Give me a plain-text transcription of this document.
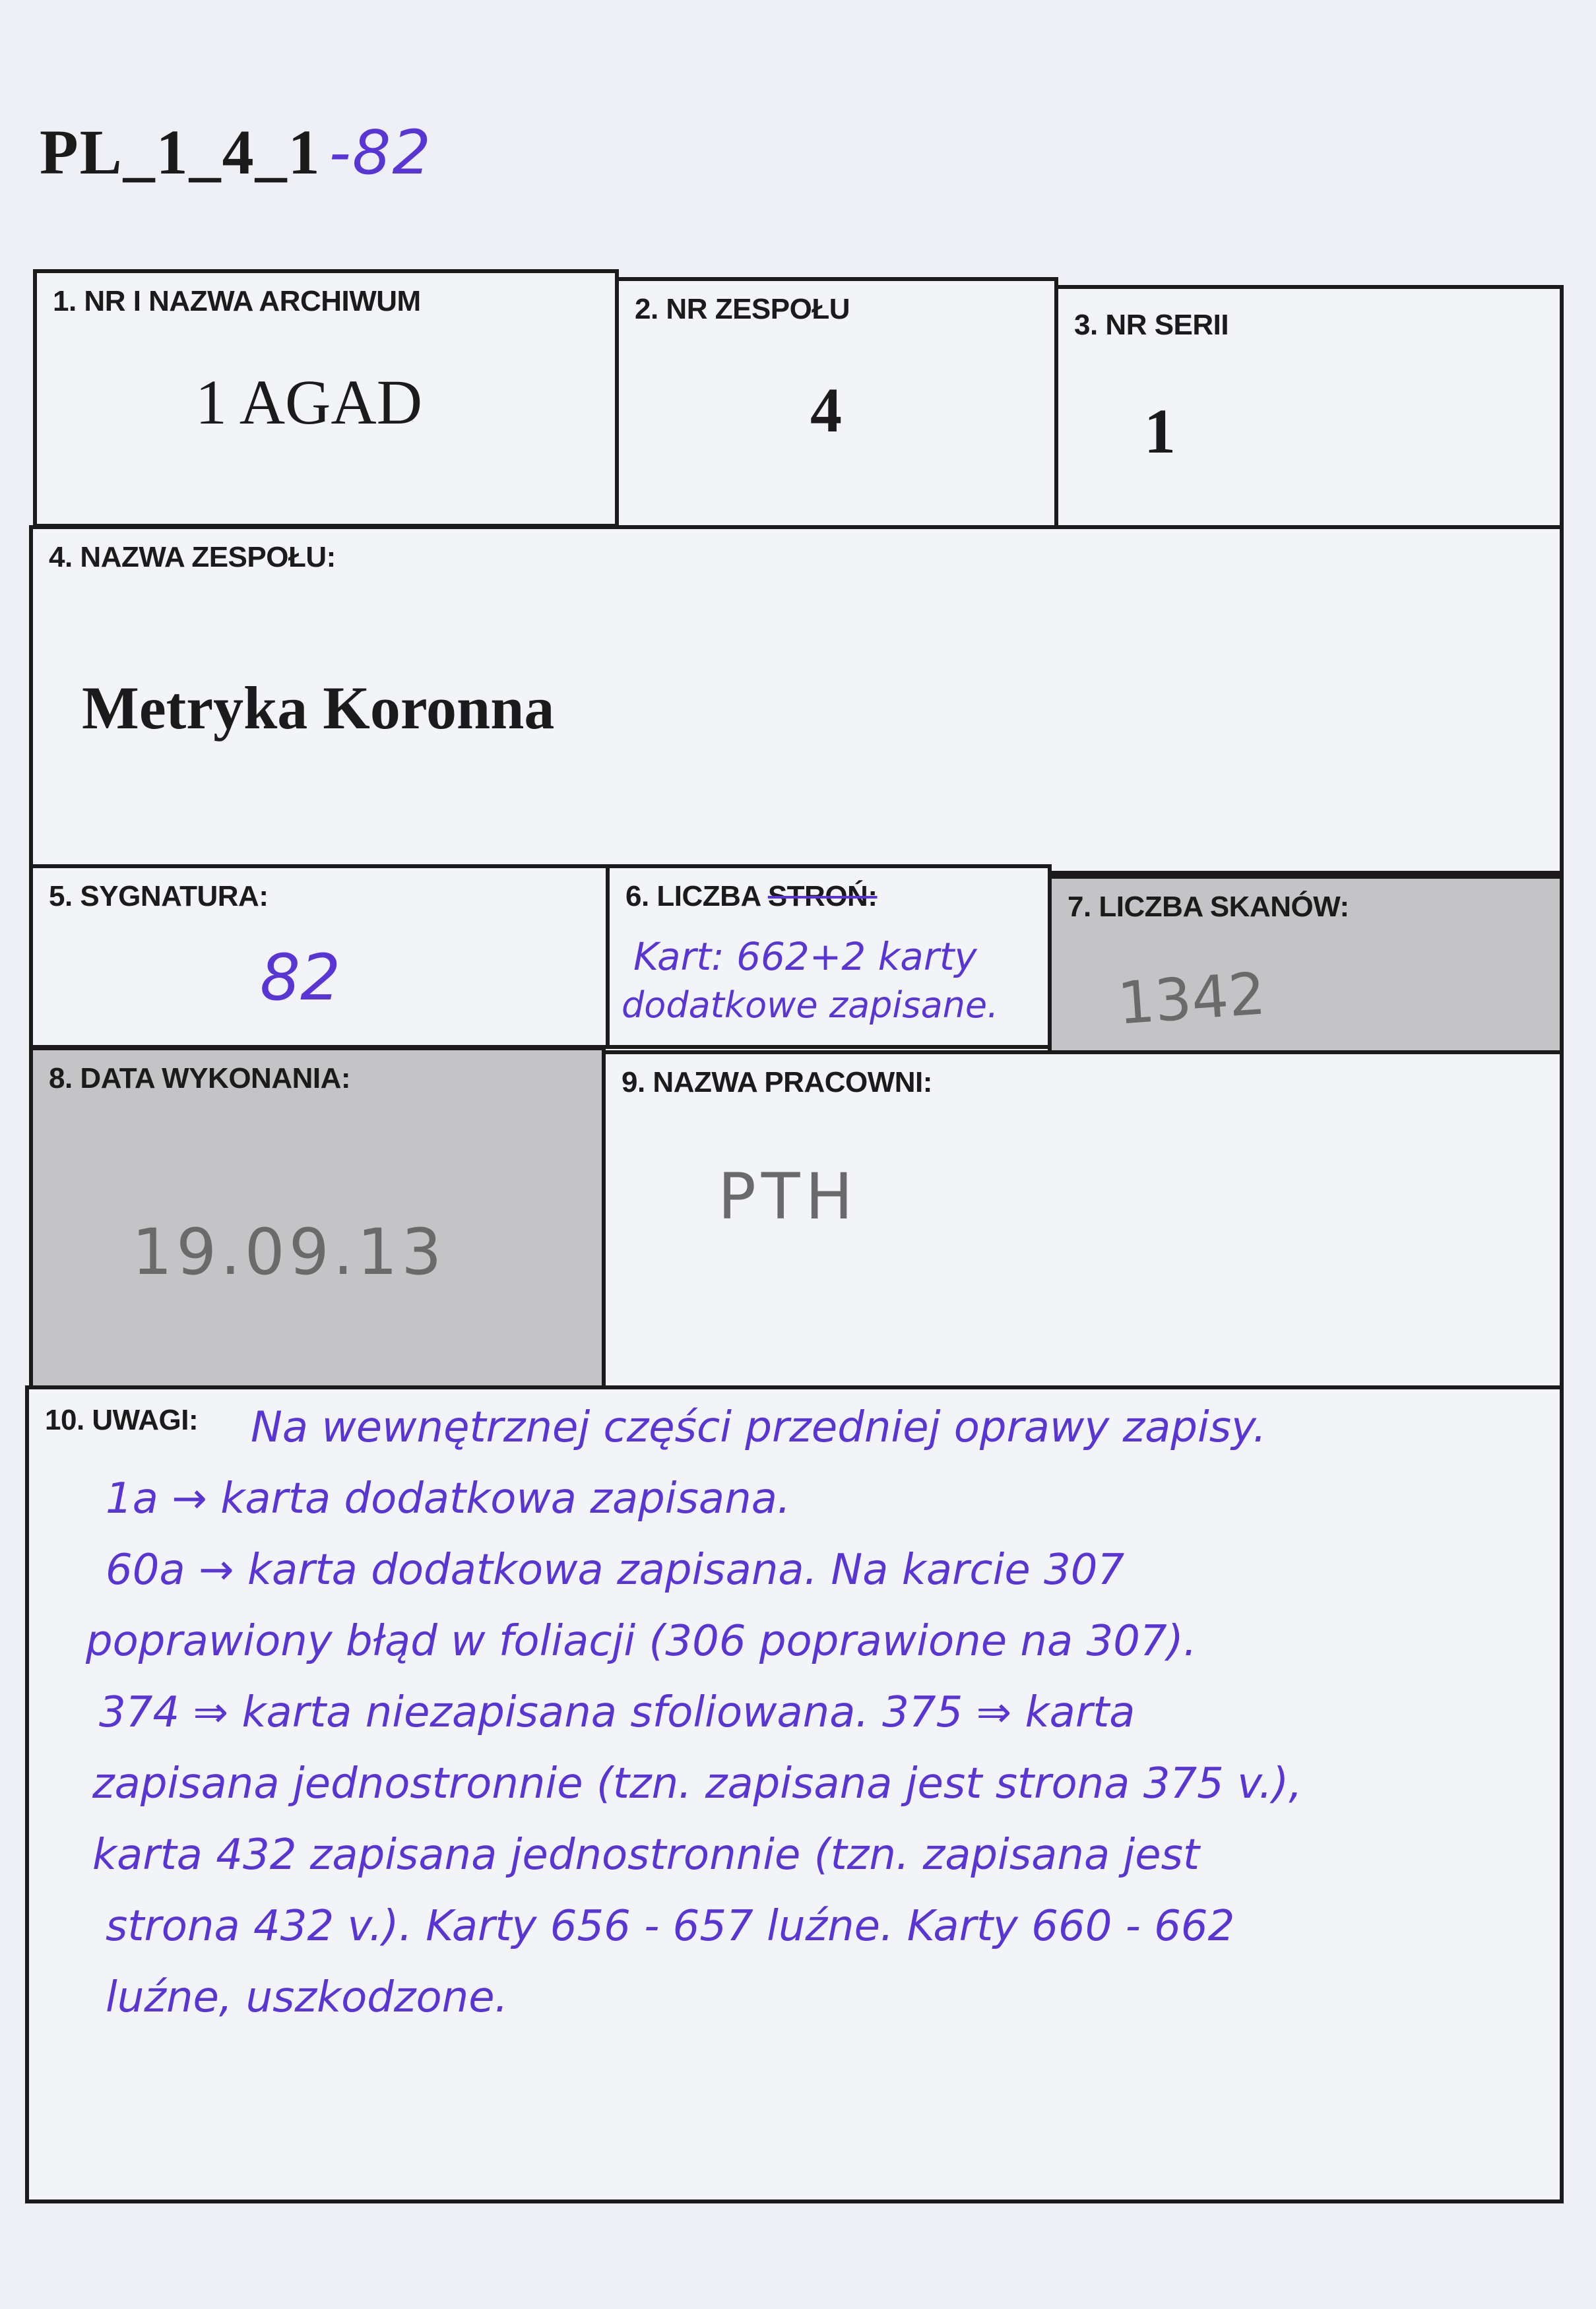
PL_1_4_1 -82
1. NR I NAZWA ARCHIWUM
1 AGAD
2. NR ZESPOŁU
4
3. NR SERII
1
4. NAZWA ZESPOŁU:
Metryka Koronna
5. SYGNATURA:
82
6. LICZBA STROŃ:
Kart: 662+2 karty
dodatkowe zapisane.
7. LICZBA SKANÓW:
1342
8. DATA WYKONANIA:
19.09.13
9. NAZWA PRACOWNI:
PTH
10. UWAGI: Na wewnętrznej części przedniej oprawy zapisy.
1a → karta dodatkowa zapisana.
60a → karta dodatkowa zapisana. Na karcie 307
poprawiony błąd w foliacji (306 poprawione na 307).
374 ⇒ karta niezapisana sfoliowana. 375 ⇒ karta
zapisana jednostronnie (tzn. zapisana jest strona 375 v.),
karta 432 zapisana jednostronnie (tzn. zapisana jest
strona 432 v.). Karty 656 - 657 luźne. Karty 660 - 662
luźne, uszkodzone.
